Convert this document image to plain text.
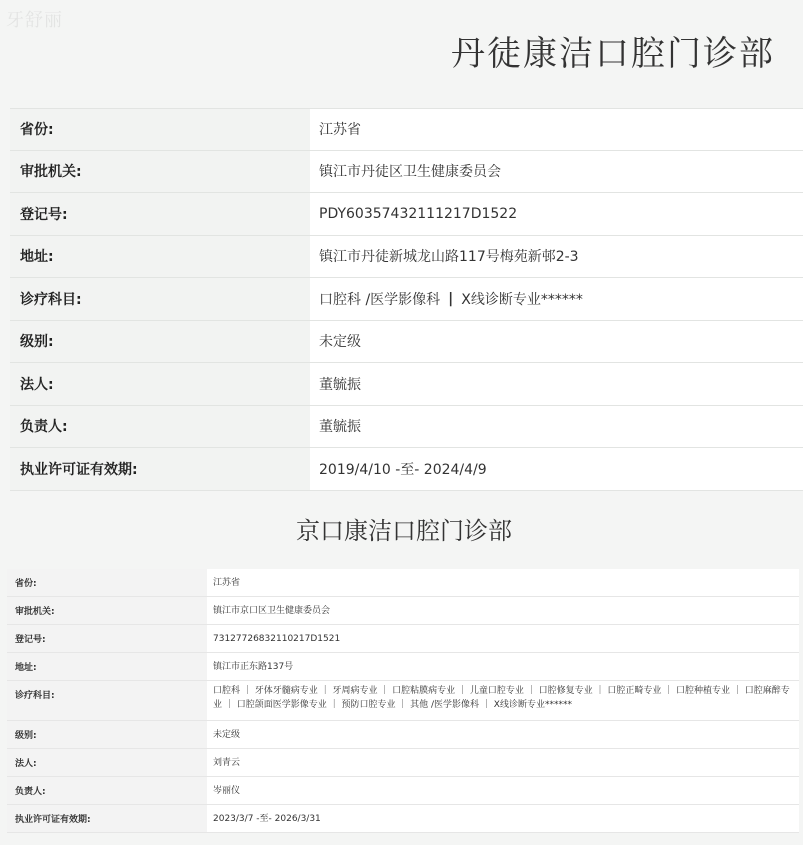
牙舒丽
丹徒康洁口腔门诊部
省份:	江苏省
审批机关:	镇江市丹徒区卫生健康委员会
登记号:	PDY60357432111217D1522
地址:	镇江市丹徒新城龙山路117号梅苑新邨2-3
诊疗科目:	口腔科 /医学影像科 | X线诊断专业******
级别:	未定级
法人:	董毓振
负责人:	董毓振
执业许可证有效期:	2019/4/10 -至- 2024/4/9
京口康洁口腔门诊部
省份:	江苏省
审批机关:	镇江市京口区卫生健康委员会
登记号:	73127726832110217D1521
地址:	镇江市正东路137号
诊疗科目:	口腔科 ｜ 牙体牙髓病专业 ｜ 牙周病专业 ｜ 口腔粘膜病专业 ｜ 儿童口腔专业 ｜ 口腔修复专业 ｜ 口腔正畸专业 ｜ 口腔种植专业 ｜ 口腔麻醉专业 ｜ 口腔颌面医学影像专业 ｜ 预防口腔专业 ｜ 其他 /医学影像科 ｜ X线诊断专业******
级别:	未定级
法人:	刘青云
负责人:	岑丽仪
执业许可证有效期:	2023/3/7 -至- 2026/3/31
